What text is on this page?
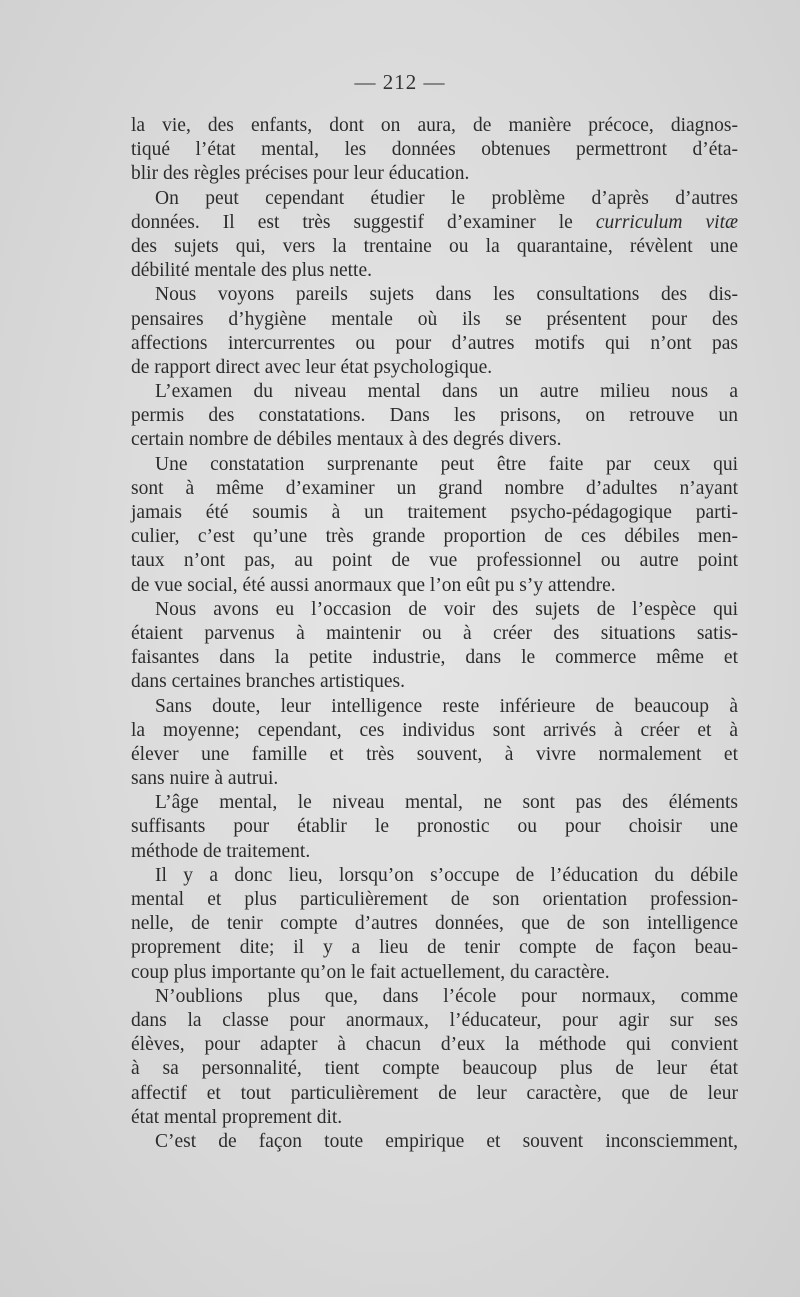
— 212 —
la vie, des enfants, dont on aura, de manière précoce, diagnos-
tiqué l’état mental, les données obtenues permettront d’éta-
blir des règles précises pour leur éducation.
On peut cependant étudier le problème d’après d’autres
données. Il est très suggestif d’examiner le curriculum vitæ
des sujets qui, vers la trentaine ou la quarantaine, révèlent une
débilité mentale des plus nette.
Nous voyons pareils sujets dans les consultations des dis-
pensaires d’hygiène mentale où ils se présentent pour des
affections intercurrentes ou pour d’autres motifs qui n’ont pas
de rapport direct avec leur état psychologique.
L’examen du niveau mental dans un autre milieu nous a
permis des constatations. Dans les prisons, on retrouve un
certain nombre de débiles mentaux à des degrés divers.
Une constatation surprenante peut être faite par ceux qui
sont à même d’examiner un grand nombre d’adultes n’ayant
jamais été soumis à un traitement psycho-pédagogique parti-
culier, c’est qu’une très grande proportion de ces débiles men-
taux n’ont pas, au point de vue professionnel ou autre point
de vue social, été aussi anormaux que l’on eût pu s’y attendre.
Nous avons eu l’occasion de voir des sujets de l’espèce qui
étaient parvenus à maintenir ou à créer des situations satis-
faisantes dans la petite industrie, dans le commerce même et
dans certaines branches artistiques.
Sans doute, leur intelligence reste inférieure de beaucoup à
la moyenne; cependant, ces individus sont arrivés à créer et à
élever une famille et très souvent, à vivre normalement et
sans nuire à autrui.
L’âge mental, le niveau mental, ne sont pas des éléments
suffisants pour établir le pronostic ou pour choisir une
méthode de traitement.
Il y a donc lieu, lorsqu’on s’occupe de l’éducation du débile
mental et plus particulièrement de son orientation profession-
nelle, de tenir compte d’autres données, que de son intelligence
proprement dite; il y a lieu de tenir compte de façon beau-
coup plus importante qu’on le fait actuellement, du caractère.
N’oublions plus que, dans l’école pour normaux, comme
dans la classe pour anormaux, l’éducateur, pour agir sur ses
élèves, pour adapter à chacun d’eux la méthode qui convient
à sa personnalité, tient compte beaucoup plus de leur état
affectif et tout particulièrement de leur caractère, que de leur
état mental proprement dit.
C’est de façon toute empirique et souvent inconsciemment,
